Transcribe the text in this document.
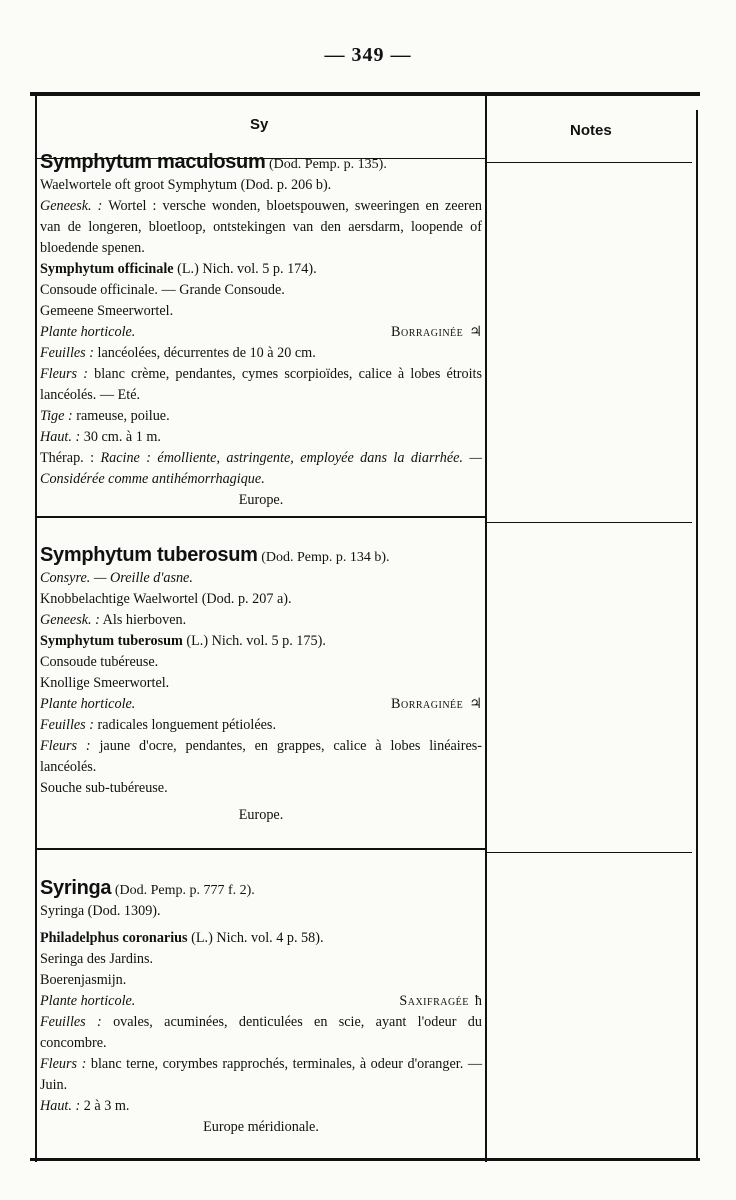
— 349 —
Sy	Notes

Symphytum maculosum (Dod. Pemp. p. 135).

Waelwortele oft groot Symphytum (Dod. p. 206 b).

Geneesk. : Wortel : versche wonden, bloetspouwen, sweeringen en zeeren van de longeren, bloetloop, ontstekingen van den aersdarm, loopende of bloedende spenen.

Symphytum officinale (L.) Nich. vol. 5 p. 174).

Consoude officinale. — Grande Consoude.

Gemeene Smeerwortel.

Plante horticole.	Borraginée ♃

Feuilles : lancéolées, décurrentes de 10 à 20 cm.

Fleurs : blanc crème, pendantes, cymes scorpioïdes, calice à lobes étroits lancéolés. — Eté.

Tige : rameuse, poilue.

Haut. : 30 cm. à 1 m.

Thérap. : Racine : émolliente, astringente, employée dans la diarrhée. — Considérée comme antihémorrhagique.

Europe.

Symphytum tuberosum (Dod. Pemp. p. 134 b).

Consyre. — Oreille d'asne.

Knobbelachtige Waelwortel (Dod. p. 207 a).

Geneesk. : Als hierboven.

Symphytum tuberosum (L.) Nich. vol. 5 p. 175).

Consoude tubéreuse.

Knollige Smeerwortel.

Plante horticole.	Borraginée ♃

Feuilles : radicales longuement pétiolées.

Fleurs : jaune d'ocre, pendantes, en grappes, calice à lobes linéaires-lancéolés.

Souche sub-tubéreuse.

Europe.

Syringa (Dod. Pemp. p. 777 f. 2).

Syringa (Dod. 1309).

Philadelphus coronarius (L.) Nich. vol. 4 p. 58).

Seringa des Jardins.

Boerenjasmijn.

Plante horticole.	Saxifragée ħ

Feuilles : ovales, acuminées, denticulées en scie, ayant l'odeur du concombre.

Fleurs : blanc terne, corymbes rapprochés, terminales, à odeur d'oranger. — Juin.

Haut. : 2 à 3 m.

Europe méridionale.
